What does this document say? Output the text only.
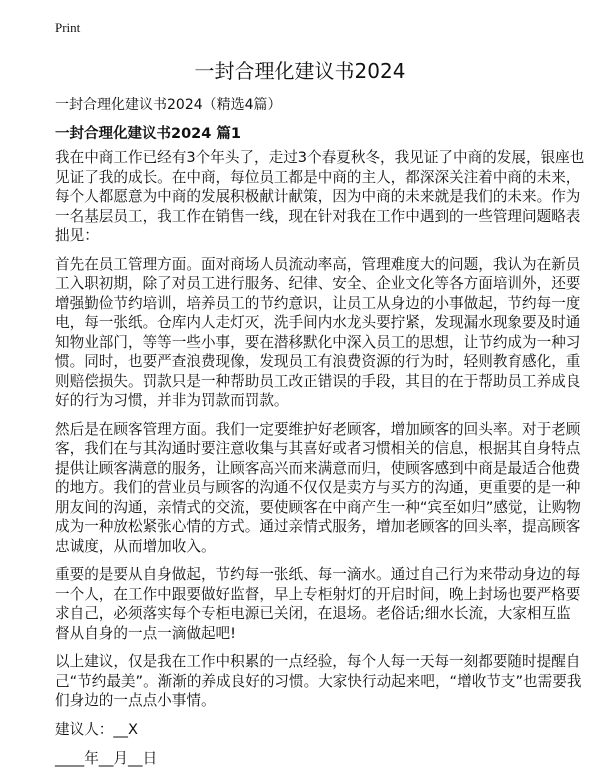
Print
一封合理化建议书2024
一封合理化建议书2024（精选4篇）
一封合理化建议书2024 篇1
我在中商工作已经有3个年头了，走过3个春夏秋冬，我见证了中商的发展，银座也
见证了我的成长。在中商，每位员工都是中商的主人，都深深关注着中商的未来，
每个人都愿意为中商的发展积极献计献策，因为中商的未来就是我们的未来。作为
一名基层员工，我工作在销售一线，现在针对我在工作中遇到的一些管理问题略表
拙见：
首先在员工管理方面。面对商场人员流动率高，管理难度大的问题，我认为在新员
工入职初期，除了对员工进行服务、纪律、安全、企业文化等各方面培训外，还要
增强勤俭节约培训，培养员工的节约意识，让员工从身边的小事做起，节约每一度
电，每一张纸。仓库内人走灯灭，洗手间内水龙头要拧紧，发现漏水现象要及时通
知物业部门，等等一些小事，要在潜移默化中深入员工的思想，让节约成为一种习
惯。同时，也要严查浪费现像，发现员工有浪费资源的行为时，轻则教育感化，重
则赔偿损失。罚款只是一种帮助员工改正错误的手段，其目的在于帮助员工养成良
好的行为习惯，并非为罚款而罚款。
然后是在顾客管理方面。我们一定要维护好老顾客，增加顾客的回头率。对于老顾
客，我们在与其沟通时要注意收集与其喜好或者习惯相关的信息，根据其自身特点
提供让顾客满意的服务，让顾客高兴而来满意而归，使顾客感到中商是最适合他费
的地方。我们的营业员与顾客的沟通不仅仅是卖方与买方的沟通，更重要的是一种
朋友间的沟通，亲情式的交流，要使顾客在中商产生一种“宾至如归”感觉，让购物
成为一种放松紧张心情的方式。通过亲情式服务，增加老顾客的回头率，提高顾客
忠诚度，从而增加收入。
重要的是要从自身做起，节约每一张纸、每一滴水。通过自己行为来带动身边的每
一个人，在工作中跟要做好监督，早上专柜射灯的开启时间，晚上封场也要严格要
求自己，必须落实每个专柜电源已关闭，在退场。老俗话;细水长流，大家相互监
督从自身的一点一滴做起吧!
以上建议，仅是我在工作中积累的一点经验，每个人每一天每一刻都要随时提醒自
己“节约最美”。渐渐的养成良好的习惯。大家快行动起来吧，“增收节支”也需要我
们身边的一点点小事情。
建议人：__X
____年__月__日
